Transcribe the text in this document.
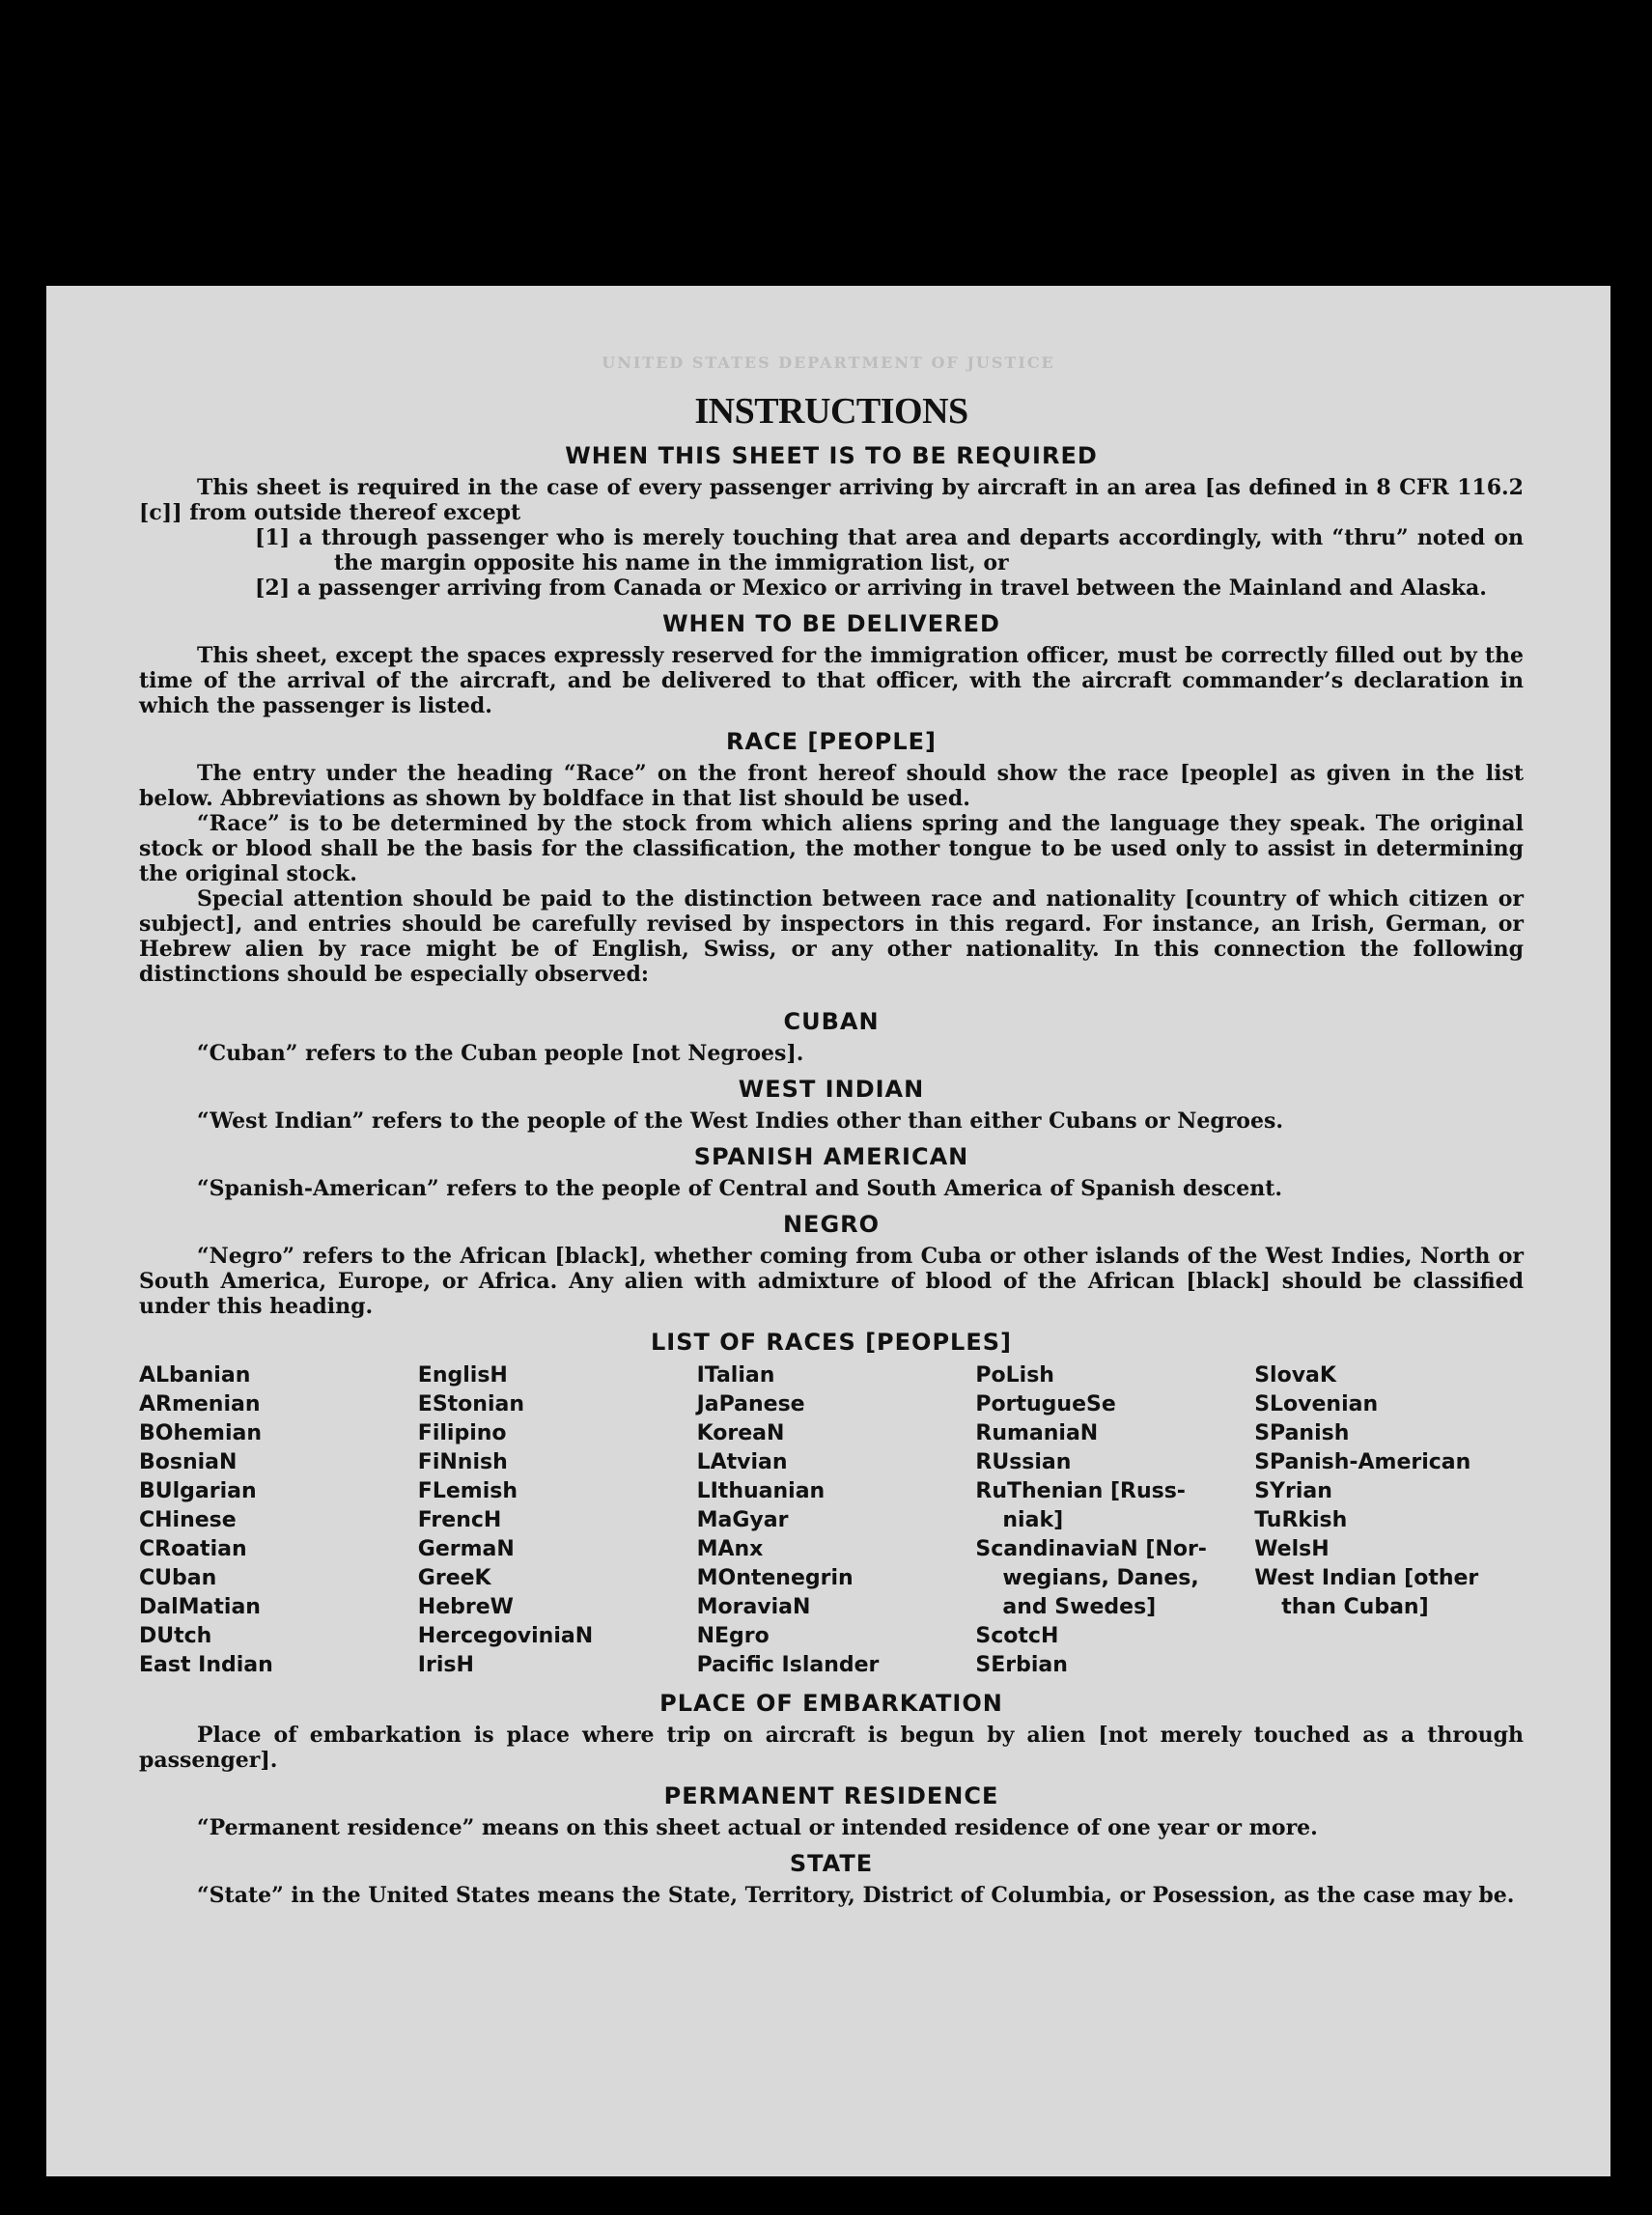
UNITED STATES DEPARTMENT OF JUSTICE
INSTRUCTIONS
WHEN THIS SHEET IS TO BE REQUIRED

This sheet is required in the case of every passenger arriving by aircraft in an area [as defined in 8 CFR 116.2 [c]] from outside thereof except

[1] a through passenger who is merely touching that area and departs accordingly, with “thru” noted on the margin opposite his name in the immigration list, or

[2] a passenger arriving from Canada or Mexico or arriving in travel between the Mainland and Alaska.

WHEN TO BE DELIVERED

This sheet, except the spaces expressly reserved for the immigration officer, must be correctly filled out by the time of the arrival of the aircraft, and be delivered to that officer, with the aircraft commander’s declaration in which the passenger is listed.

RACE [PEOPLE]

The entry under the heading “Race” on the front hereof should show the race [people] as given in the list below. Abbreviations as shown by boldface in that list should be used.

“Race” is to be determined by the stock from which aliens spring and the language they speak. The original stock or blood shall be the basis for the classification, the mother tongue to be used only to assist in determining the original stock.

Special attention should be paid to the distinction between race and nationality [country of which citizen or subject], and entries should be carefully revised by inspectors in this regard. For instance, an Irish, German, or Hebrew alien by race might be of English, Swiss, or any other nationality. In this connection the following distinctions should be especially observed:

CUBAN

“Cuban” refers to the Cuban people [not Negroes].

WEST INDIAN

“West Indian” refers to the people of the West Indies other than either Cubans or Negroes.

SPANISH AMERICAN

“Spanish-American” refers to the people of Central and South America of Spanish descent.

NEGRO

“Negro” refers to the African [black], whether coming from Cuba or other islands of the West Indies, North or South America, Europe, or Africa. Any alien with admixture of blood of the African [black] should be classified under this heading.

LIST OF RACES [PEOPLES]
ALbanian
ARmenian
BOhemian
BosniaN
BUlgarian
CHinese
CRoatian
CUban
DalMatian
DUtch
East Indian
EnglisH
EStonian
Filipino
FiNnish
FLemish
FrencH
GermaN
GreeK
HebreW
HercegoviniaN
IrisH
ITalian
JaPanese
KoreaN
LAtvian
LIthuanian
MaGyar
MAnx
MOntenegrin
MoraviaN
NEgro
Pacific Islander
PoLish
PortugueSe
RumaniaN
RUssian
RuThenian [Russ-
niak]
ScandinaviaN [Nor-
wegians, Danes,
and Swedes]
ScotcH
SErbian
SlovaK
SLovenian
SPanish
SPanish-American
SYrian
TuRkish
WelsH
West Indian [other
than Cuban]
PLACE OF EMBARKATION

Place of embarkation is place where trip on aircraft is begun by alien [not merely touched as a through passenger].

PERMANENT RESIDENCE

“Permanent residence” means on this sheet actual or intended residence of one year or more.

STATE

“State” in the United States means the State, Territory, District of Columbia, or Posession, as the case may be.
